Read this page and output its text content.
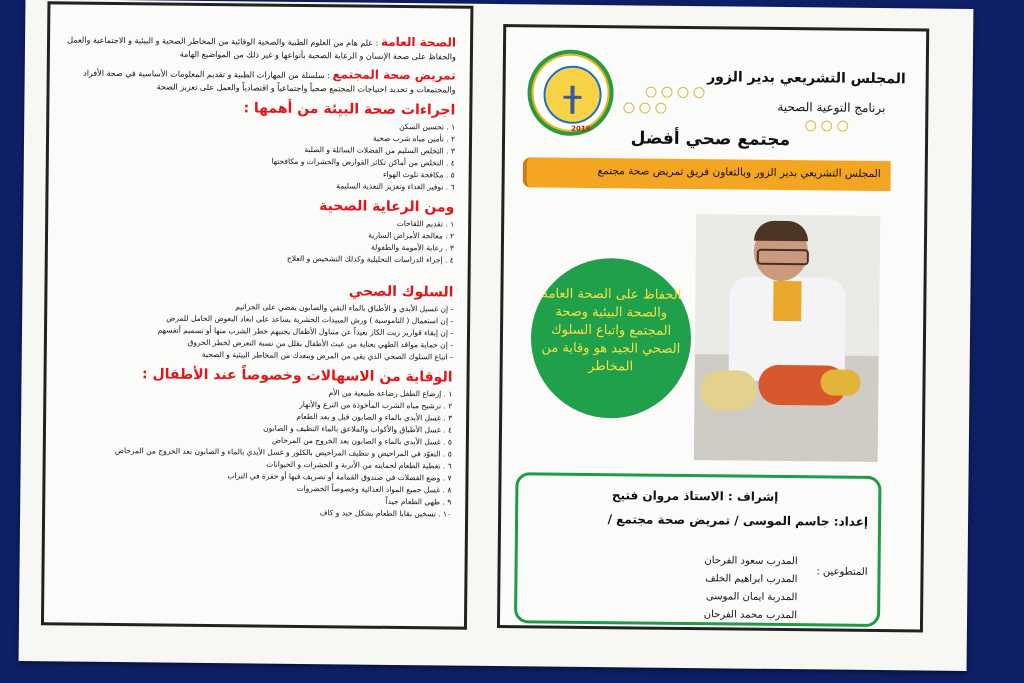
الصحة العامة : علم هام من العلوم الطبية والصحية الوقائية من المخاطر الصحية و البيئية و الاجتماعية والعمل والحفاظ على صحة الإنسان و الرعاية الصحية بأنواعها و غير ذلك من المواضيع الهامة

تمريض صحة المجتمع : سلسلة من المهارات الطبية و تقديم المعلومات الأساسية في صحة الأفراد والمجتمعات و تحديد احتياجات المجتمع صحياً واجتماعياً و اقتصادياً والعمل على تعزيز الصحة

اجراءات صحة البيئة من أهمها :
١ . تحسين السكن
٢ . تأمين مياه شرب صحية
٣ . التخلص السليم من الفضلات السائلة و الصلبة
٤ . التخلص من أماكن تكاثر القوارض والحشرات و مكافحتها
٥ . مكافحة تلوث الهواء
٦ . توفير الغذاء وتعزيز التغذية السليمة
ومن الرعاية الصحية
١ . تقديم اللقاحات
٢ . معالجة الأمراض السارية
٣ . رعاية الأمومة والطفولة
٤ . إجراء الدراسات التحليلية وكذلك التشخيص و العلاج
السلوك الصحي
- إن غسيل الأيدي و الأطباق بالماء النقي والصابون يقضي على الجراثيم
- إن استعمال ( الناموسية ) ورش المبيدات الحشرية يساعد على ابعاد البعوض الحامل للمرض
- إن إبقاء قوارير زيت الكاز بعيداً عن متناول الأطفال يجنبهم خطر الشرب منها أو تسميم أنفسهم
- إن حماية مواقد الطهي بعناية من عبث الأطفال يقلل من نسبة التعرض لخطر الحروق
- اتباع السلوك الصحي الذي يقي من المرض ويبعدك من المخاطر البيئية و الصحية
الوقاية من الاسهالات وخصوصاً عند الأطفال :
١ . إرضاع الطفل رضاعة طبيعية من الأم
٢ . ترشيح مياه الشرب المأخوذة من الترع والأنهار
٣ . غسل الأيدي بالماء و الصابون قبل و بعد الطعام
٤ . غسل الأطباق والأكواب والملاعق بالماء النظيف و الصابون
٥ . غسل الأيدي بالماء و الصابون بعد الخروج من المرحاض
٥ . التعوّد في المراحيض و تنظيف المراحيض بالكلور و غسل الأيدي بالماء و الصابون بعد الخروج من المرحاض
٦ . تغطية الطعام لحمايته من الأتربة و الحشرات و الحيوانات
٧ . وضع الفضلات في صندوق القمامة أو تصريف فيها أو حفرة في التراب
٨ . غسل جميع المواد الغذائية وخصوصاً الخضروات
٩ . طهي الطعام جيداً
١٠ . تسخين بقايا الطعام بشكل جيد و كاف
2019
المجلس التشريعي بدير الزور
برنامج التوعية الصحية
مجتمع صحي أفضل
المجلس التشريعي بدير الزور وبالتعاون فريق تمريض صحة مجتمع
الحفاظ على الصحة العامة والصحة البيئية وصحة المجتمع واتباع السلوك الصحي الجيد هو وقاية من المخاطر
إشراف : الاستاذ مروان فتيح
إعداد: جاسم الموسى / تمريض صحة مجتمع /
المتطوعين :
المدرب سعود الفرحان
المدرب ابراهيم الخلف
المدربة ايمان الموسى
المدرب محمد الفرحان
